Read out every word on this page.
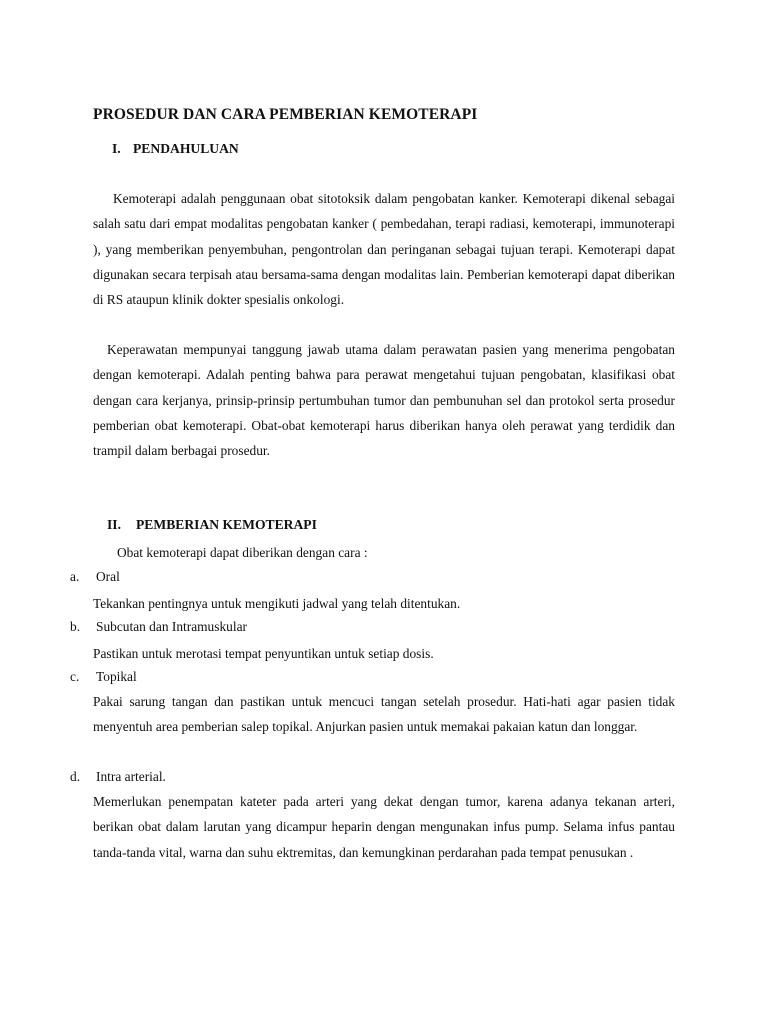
PROSEDUR DAN CARA PEMBERIAN KEMOTERAPI
I. PENDAHULUAN

Kemoterapi adalah penggunaan obat sitotoksik dalam pengobatan kanker. Kemoterapi dikenal sebagai salah satu dari empat modalitas pengobatan kanker ( pembedahan, terapi radiasi, kemoterapi, immunoterapi ), yang memberikan penyembuhan, pengontrolan dan peringanan sebagai tujuan terapi. Kemoterapi dapat digunakan secara terpisah atau bersama-sama dengan modalitas lain. Pemberian kemoterapi dapat diberikan di RS ataupun klinik dokter spesialis onkologi.

Keperawatan mempunyai tanggung jawab utama dalam perawatan pasien yang menerima pengobatan dengan kemoterapi. Adalah penting bahwa para perawat mengetahui tujuan pengobatan, klasifikasi obat dengan cara kerjanya, prinsip-prinsip pertumbuhan tumor dan pembunuhan sel dan protokol serta prosedur pemberian obat kemoterapi. Obat-obat kemoterapi harus diberikan hanya oleh perawat yang terdidik dan trampil dalam berbagai prosedur.

II. PEMBERIAN KEMOTERAPI

Obat kemoterapi dapat diberikan dengan cara :

a. Oral

Tekankan pentingnya untuk mengikuti jadwal yang telah ditentukan.

b. Subcutan dan Intramuskular

Pastikan untuk merotasi tempat penyuntikan untuk setiap dosis.

c. Topikal

Pakai sarung tangan dan pastikan untuk mencuci tangan setelah prosedur. Hati-hati agar pasien tidak menyentuh area pemberian salep topikal. Anjurkan pasien untuk memakai pakaian katun dan longgar.

d. Intra arterial.

Memerlukan penempatan kateter pada arteri yang dekat dengan tumor, karena adanya tekanan arteri, berikan obat dalam larutan yang dicampur heparin dengan mengunakan infus pump. Selama infus pantau tanda-tanda vital, warna dan suhu ektremitas, dan kemungkinan perdarahan pada tempat penusukan .
